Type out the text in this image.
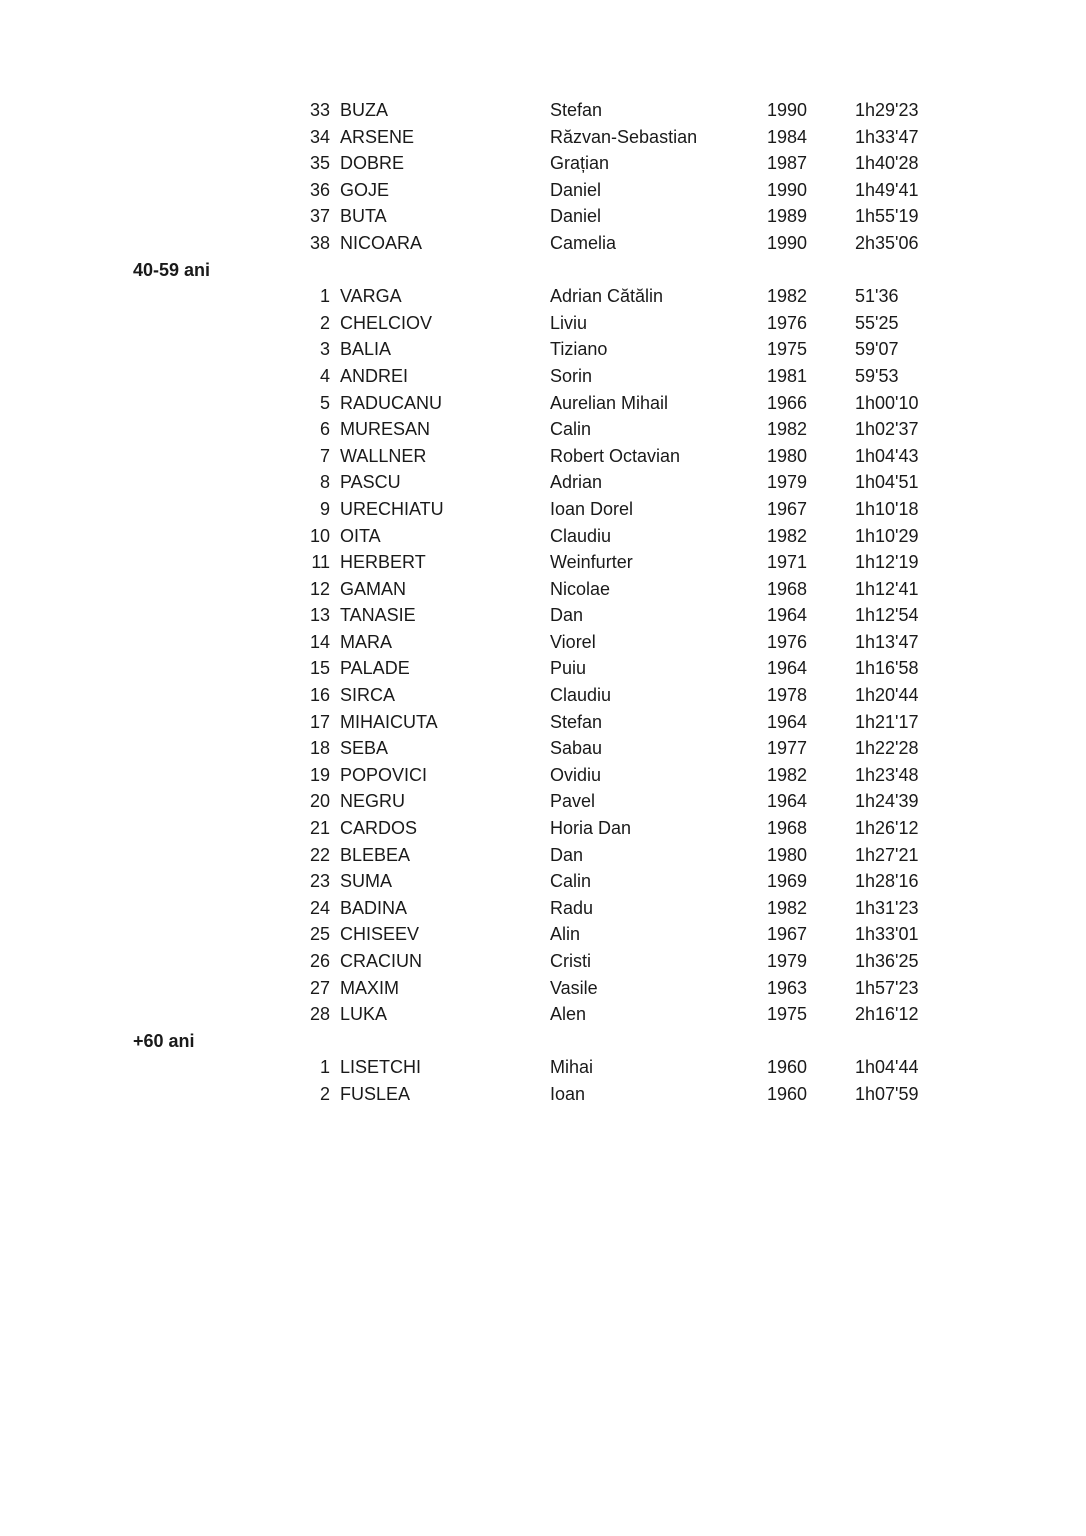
33 BUZA	Stefan	1990	1h29'23
34 ARSENE	Răzvan-Sebastian	1984	1h33'47
35 DOBRE	Grațian	1987	1h40'28
36 GOJE	Daniel	1990	1h49'41
37 BUTA	Daniel	1989	1h55'19
38 NICOARA	Camelia	1990	2h35'06
40-59 ani
1 VARGA	Adrian Cătălin	1982	51'36
2 CHELCIOV	Liviu	1976	55'25
3 BALIA	Tiziano	1975	59'07
4 ANDREI	Sorin	1981	59'53
5 RADUCANU	Aurelian Mihail	1966	1h00'10
6 MURESAN	Calin	1982	1h02'37
7 WALLNER	Robert Octavian	1980	1h04'43
8 PASCU	Adrian	1979	1h04'51
9 URECHIATU	Ioan Dorel	1967	1h10'18
10 OITA	Claudiu	1982	1h10'29
11 HERBERT	Weinfurter	1971	1h12'19
12 GAMAN	Nicolae	1968	1h12'41
13 TANASIE	Dan	1964	1h12'54
14 MARA	Viorel	1976	1h13'47
15 PALADE	Puiu	1964	1h16'58
16 SIRCA	Claudiu	1978	1h20'44
17 MIHAICUTA	Stefan	1964	1h21'17
18 SEBA	Sabau	1977	1h22'28
19 POPOVICI	Ovidiu	1982	1h23'48
20 NEGRU	Pavel	1964	1h24'39
21 CARDOS	Horia Dan	1968	1h26'12
22 BLEBEA	Dan	1980	1h27'21
23 SUMA	Calin	1969	1h28'16
24 BADINA	Radu	1982	1h31'23
25 CHISEEV	Alin	1967	1h33'01
26 CRACIUN	Cristi	1979	1h36'25
27 MAXIM	Vasile	1963	1h57'23
28 LUKA	Alen	1975	2h16'12
+60 ani
1 LISETCHI	Mihai	1960	1h04'44
2 FUSLEA	Ioan	1960	1h07'59
